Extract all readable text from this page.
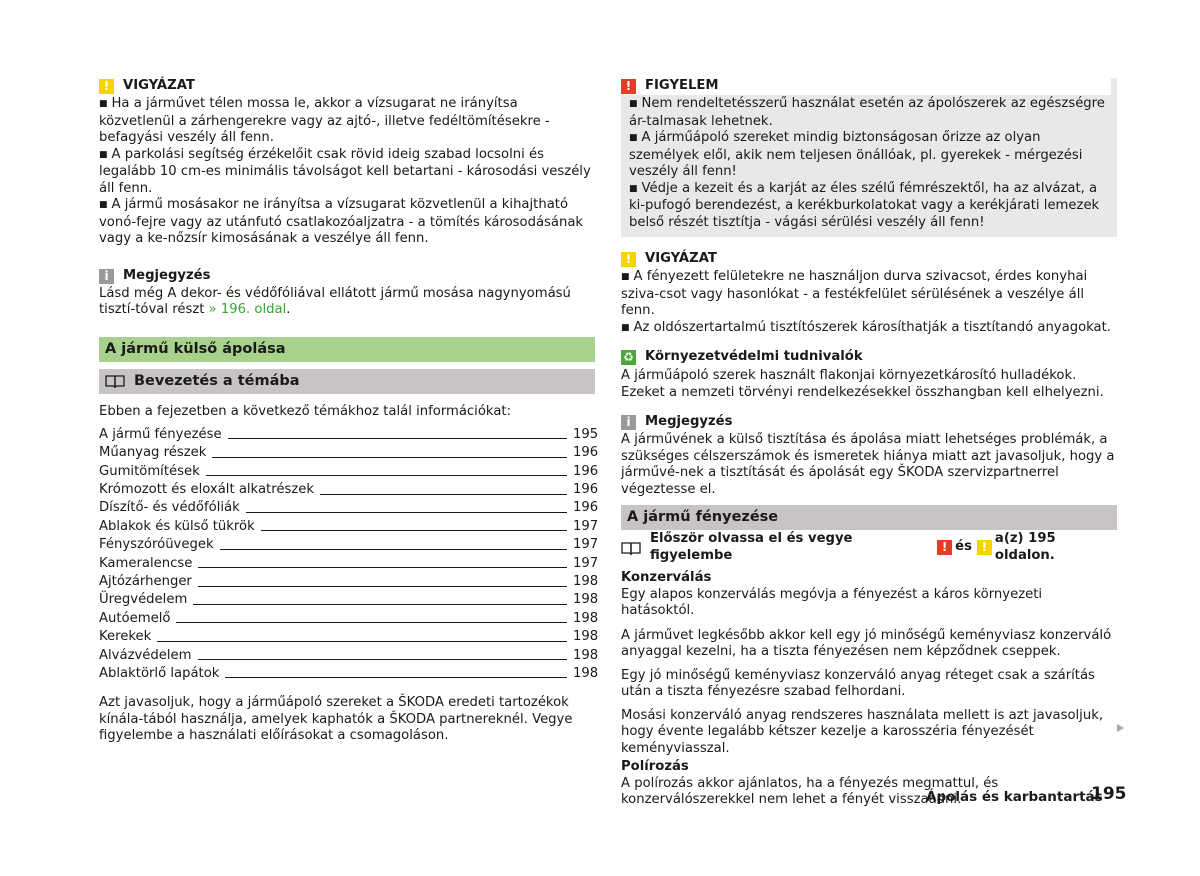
!	VIGYÁZAT
■ Ha a járművet télen mossa le, akkor a vízsugarat ne irányítsa közvetlenül a zárhengerekre vagy az ajtó-, illetve fedéltömítésekre - befagyási veszély áll fenn.
■ A parkolási segítség érzékelőit csak rövid ideig szabad locsolni és legalább 10 cm-es minimális távolságot kell betartani - károsodási veszély áll fenn.
■ A jármű mosásakor ne irányítsa a vízsugarat közvetlenül a kihajtható vonó-fejre vagy az utánfutó csatlakozóaljzatra - a tömítés károsodásának vagy a ke-nőzsír kimosásának a veszélye áll fenn.
i	Megjegyzés
Lásd még A dekor- és védőfóliával ellátott jármű mosása nagynyomású tisztí-tóval részt » 196. oldal.
A jármű külső ápolása
Bevezetés a témába
Ebben a fejezetben a következő témákhoz talál információkat:
A jármű fényezése	195
Műanyag részek	196
Gumitömítések	196
Krómozott és eloxált alkatrészek	196
Díszítő- és védőfóliák	196
Ablakok és külső tükrök	197
Fényszóróüvegek	197
Kameralencse	197
Ajtózárhenger	198
Üregvédelem	198
Autóemelő	198
Kerekek	198
Alvázvédelem	198
Ablaktörlő lapátok	198
Azt javasoljuk, hogy a járműápoló szereket a ŠKODA eredeti tartozékok kínála-tából használja, amelyek kaphatók a ŠKODA partnereknél. Vegye figyelembe a használati előírásokat a csomagoláson.
!	FIGYELEM
■ Nem rendeltetésszerű használat esetén az ápolószerek az egészségre ár-talmasak lehetnek.
■ A járműápoló szereket mindig biztonságosan őrizze az olyan személyek elől, akik nem teljesen önállóak, pl. gyerekek - mérgezési veszély áll fenn!
■ Védje a kezeit és a karját az éles szélű fémrészektől, ha az alvázat, a ki-pufogó berendezést, a kerékburkolatokat vagy a kerékjárati lemezek belső részét tisztítja - vágási sérülési veszély áll fenn!
!	VIGYÁZAT
■ A fényezett felületekre ne használjon durva szivacsot, érdes konyhai sziva-csot vagy hasonlókat - a festékfelület sérülésének a veszélye áll fenn.
■ Az oldószertartalmú tisztítószerek károsíthatják a tisztítandó anyagokat.
♻ Környezetvédelmi tudnivalók
A járműápoló szerek használt flakonjai környezetkárosító hulladékok. Ezeket a nemzeti törvényi rendelkezésekkel összhangban kell elhelyezni.
i	Megjegyzés
A járművének a külső tisztítása és ápolása miatt lehetséges problémák, a szükséges célszerszámok és ismeretek hiánya miatt azt javasoljuk, hogy a járművé-nek a tisztítását és ápolását egy ŠKODA szervizpartnerrel végeztesse el.
A jármű fényezése
Először olvassa el és vegye figyelembe
! és !
a(z) 195 oldalon.
Konzerválás
Egy alapos konzerválás megóvja a fényezést a káros környezeti hatásoktól.
A járművet legkésőbb akkor kell egy jó minőségű keményviasz konzerváló anyaggal kezelni, ha a tiszta fényezésen nem képződnek cseppek.
Egy jó minőségű keményviasz konzerváló anyag réteget csak a szárítás után a tiszta fényezésre szabad felhordani.
Mosási konzerváló anyag rendszeres használata mellett is azt javasoljuk, hogy évente legalább kétszer kezelje a karosszéria fényezését keményviasszal.
Polírozás
A polírozás akkor ajánlatos, ha a fényezés megmattul, és konzerválószerekkel nem lehet a fényét visszaadni.
Ápolás és karbantartás
195
